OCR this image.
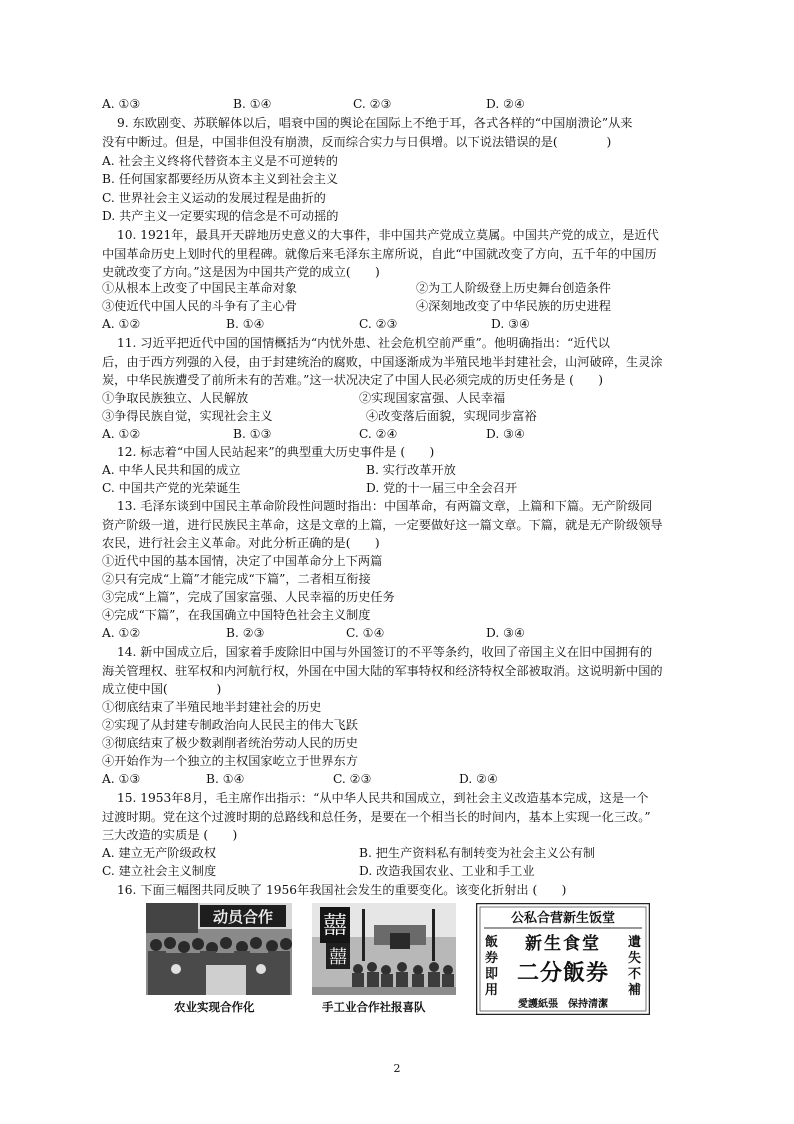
A. ①③	B. ①④	C. ②③	D. ②④
9. 东欧剧变、苏联解体以后，唱衰中国的舆论在国际上不绝于耳，各式各样的“中国崩溃论”从来
没有中断过。但是，中国非但没有崩溃，反而综合实力与日俱增。以下说法错误的是(　　　　)
A. 社会主义终将代替资本主义是不可逆转的
B. 任何国家都要经历从资本主义到社会主义
C. 世界社会主义运动的发展过程是曲折的
D. 共产主义一定要实现的信念是不可动摇的
10. 1921年，最具开天辟地历史意义的大事件，非中国共产党成立莫属。中国共产党的成立，是近代
中国革命历史上划时代的里程碑。就像后来毛泽东主席所说，自此“中国就改变了方向，五千年的中国历
史就改变了方向。”这是因为中国共产党的成立(　　)
①从根本上改变了中国民主革命对象	②为工人阶级登上历史舞台创造条件
③使近代中国人民的斗争有了主心骨	④深刻地改变了中华民族的历史进程
A. ①②	B. ①④	C. ②③	D. ③④
11. 习近平把近代中国的国情概括为“内忧外患、社会危机空前严重”。他明确指出：“近代以
后，由于西方列强的入侵，由于封建统治的腐败，中国逐渐成为半殖民地半封建社会，山河破碎，生灵涂
炭，中华民族遭受了前所未有的苦难。”这一状况决定了中国人民必须完成的历史任务是 (　　)
①争取民族独立、人民解放	②实现国家富强、人民幸福
③争得民族自觉，实现社会主义	④改变落后面貌，实现同步富裕
A. ①②	B. ①③	C. ②④	D. ③④
12. 标志着“中国人民站起来”的典型重大历史事件是 (　　)
A. 中华人民共和国的成立	B. 实行改革开放
C. 中国共产党的光荣诞生	D. 党的十一届三中全会召开
13. 毛泽东谈到中国民主革命阶段性问题时指出：中国革命，有两篇文章，上篇和下篇。无产阶级同
资产阶级一道，进行民族民主革命，这是文章的上篇，一定要做好这一篇文章。下篇，就是无产阶级领导
农民，进行社会主义革命。对此分析正确的是(　　)
①近代中国的基本国情，决定了中国革命分上下两篇
②只有完成“上篇”才能完成“下篇”，二者相互衔接
③完成“上篇”，完成了国家富强、人民幸福的历史任务
④完成“下篇”，在我国确立中国特色社会主义制度
A. ①②	B. ②③	C. ①④	D. ③④
14. 新中国成立后，国家着手废除旧中国与外国签订的不平等条约，收回了帝国主义在旧中国拥有的
海关管理权、驻军权和内河航行权，外国在中国大陆的军事特权和经济特权全部被取消。这说明新中国的
成立使中国(　　　　)
①彻底结束了半殖民地半封建社会的历史
②实现了从封建专制政治向人民民主的伟大飞跃
③彻底结束了极少数剥削者统治劳动人民的历史
④开始作为一个独立的主权国家屹立于世界东方
A. ①③	B. ①④	C. ②③	D. ②④
15. 1953年8月，毛主席作出指示：“从中华人民共和国成立，到社会主义改造基本完成，这是一个
过渡时期。党在这个过渡时期的总路线和总任务，是要在一个相当长的时间内，基本上实现一化三改。”
三大改造的实质是 (　　)
A. 建立无产阶级政权	B. 把生产资料私有制转变为社会主义公有制
C. 建立社会主义制度	D. 改造我国农业、工业和手工业
16. 下面三幅图共同反映了 1956年我国社会发生的重要变化。该变化折射出 (　　)
动员合作
农业实现合作化
囍
囍
手工业合作社报喜队
公私合营新生饭堂
新生食堂
二分飯券
愛護紙張　保持清潔
飯券即用
遺失不補
2
